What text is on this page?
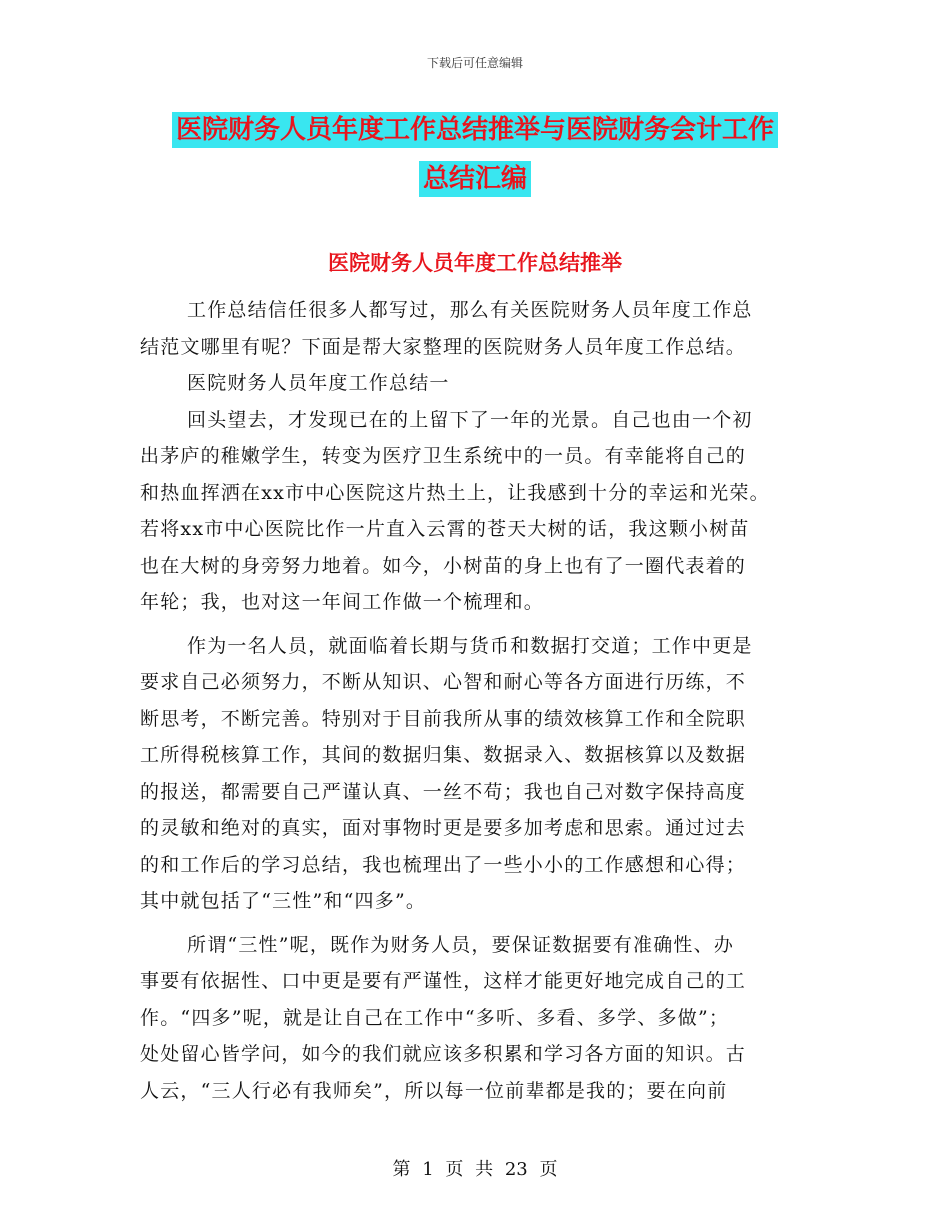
下载后可任意编辑
医院财务人员年度工作总结推举与医院财务会计工作
总结汇编
医院财务人员年度工作总结推举
工作总结信任很多人都写过，那么有关医院财务人员年度工作总
结范文哪里有呢？下面是帮大家整理的医院财务人员年度工作总结。
医院财务人员年度工作总结一
回头望去，才发现已在的上留下了一年的光景。自己也由一个初
出茅庐的稚嫩学生，转变为医疗卫生系统中的一员。有幸能将自己的
和热血挥洒在xx市中心医院这片热土上，让我感到十分的幸运和光荣。
若将xx市中心医院比作一片直入云霄的苍天大树的话，我这颗小树苗
也在大树的身旁努力地着。如今，小树苗的身上也有了一圈代表着的
年轮；我，也对这一年间工作做一个梳理和。
作为一名人员，就面临着长期与货币和数据打交道；工作中更是
要求自己必须努力，不断从知识、心智和耐心等各方面进行历练，不
断思考，不断完善。特别对于目前我所从事的绩效核算工作和全院职
工所得税核算工作，其间的数据归集、数据录入、数据核算以及数据
的报送，都需要自己严谨认真、一丝不苟；我也自己对数字保持高度
的灵敏和绝对的真实，面对事物时更是要多加考虑和思索。通过过去
的和工作后的学习总结，我也梳理出了一些小小的工作感想和心得；
其中就包括了“三性”和“四多”。
所谓“三性”呢，既作为财务人员，要保证数据要有准确性、办
事要有依据性、口中更是要有严谨性，这样才能更好地完成自己的工
作。“四多”呢，就是让自己在工作中“多听、多看、多学、多做”；
处处留心皆学问，如今的我们就应该多积累和学习各方面的知识。古
人云，“三人行必有我师矣”，所以每一位前辈都是我的；要在向前
第 1 页 共 23 页
